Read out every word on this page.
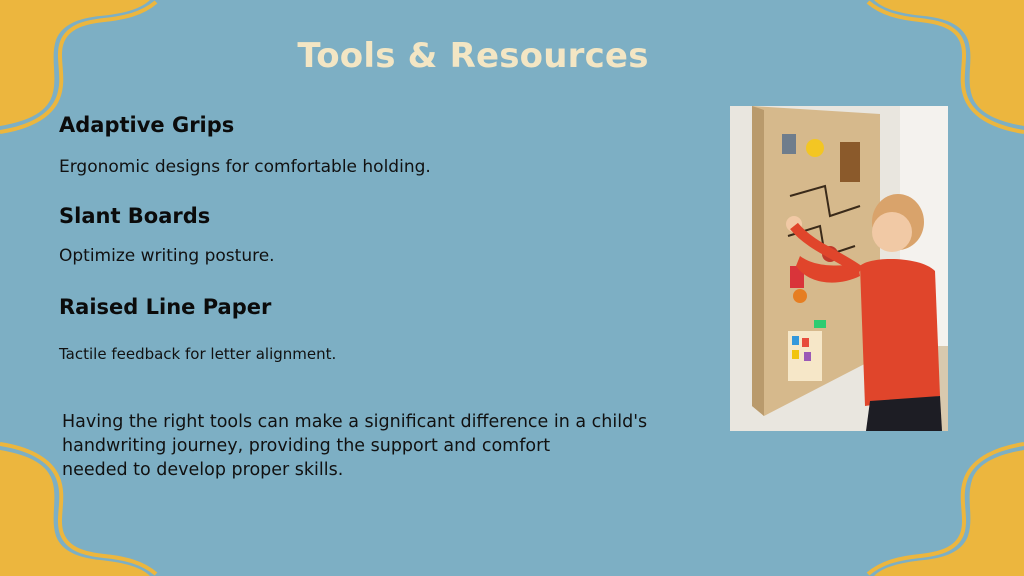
Tools & Resources
Adaptive Grips
Ergonomic designs for comfortable holding.
Slant Boards
Optimize writing posture.
Raised Line Paper
Tactile feedback for letter alignment.
Having the right tools can make a significant difference in a child's
handwriting journey, providing the support and comfort
needed to develop proper skills.
